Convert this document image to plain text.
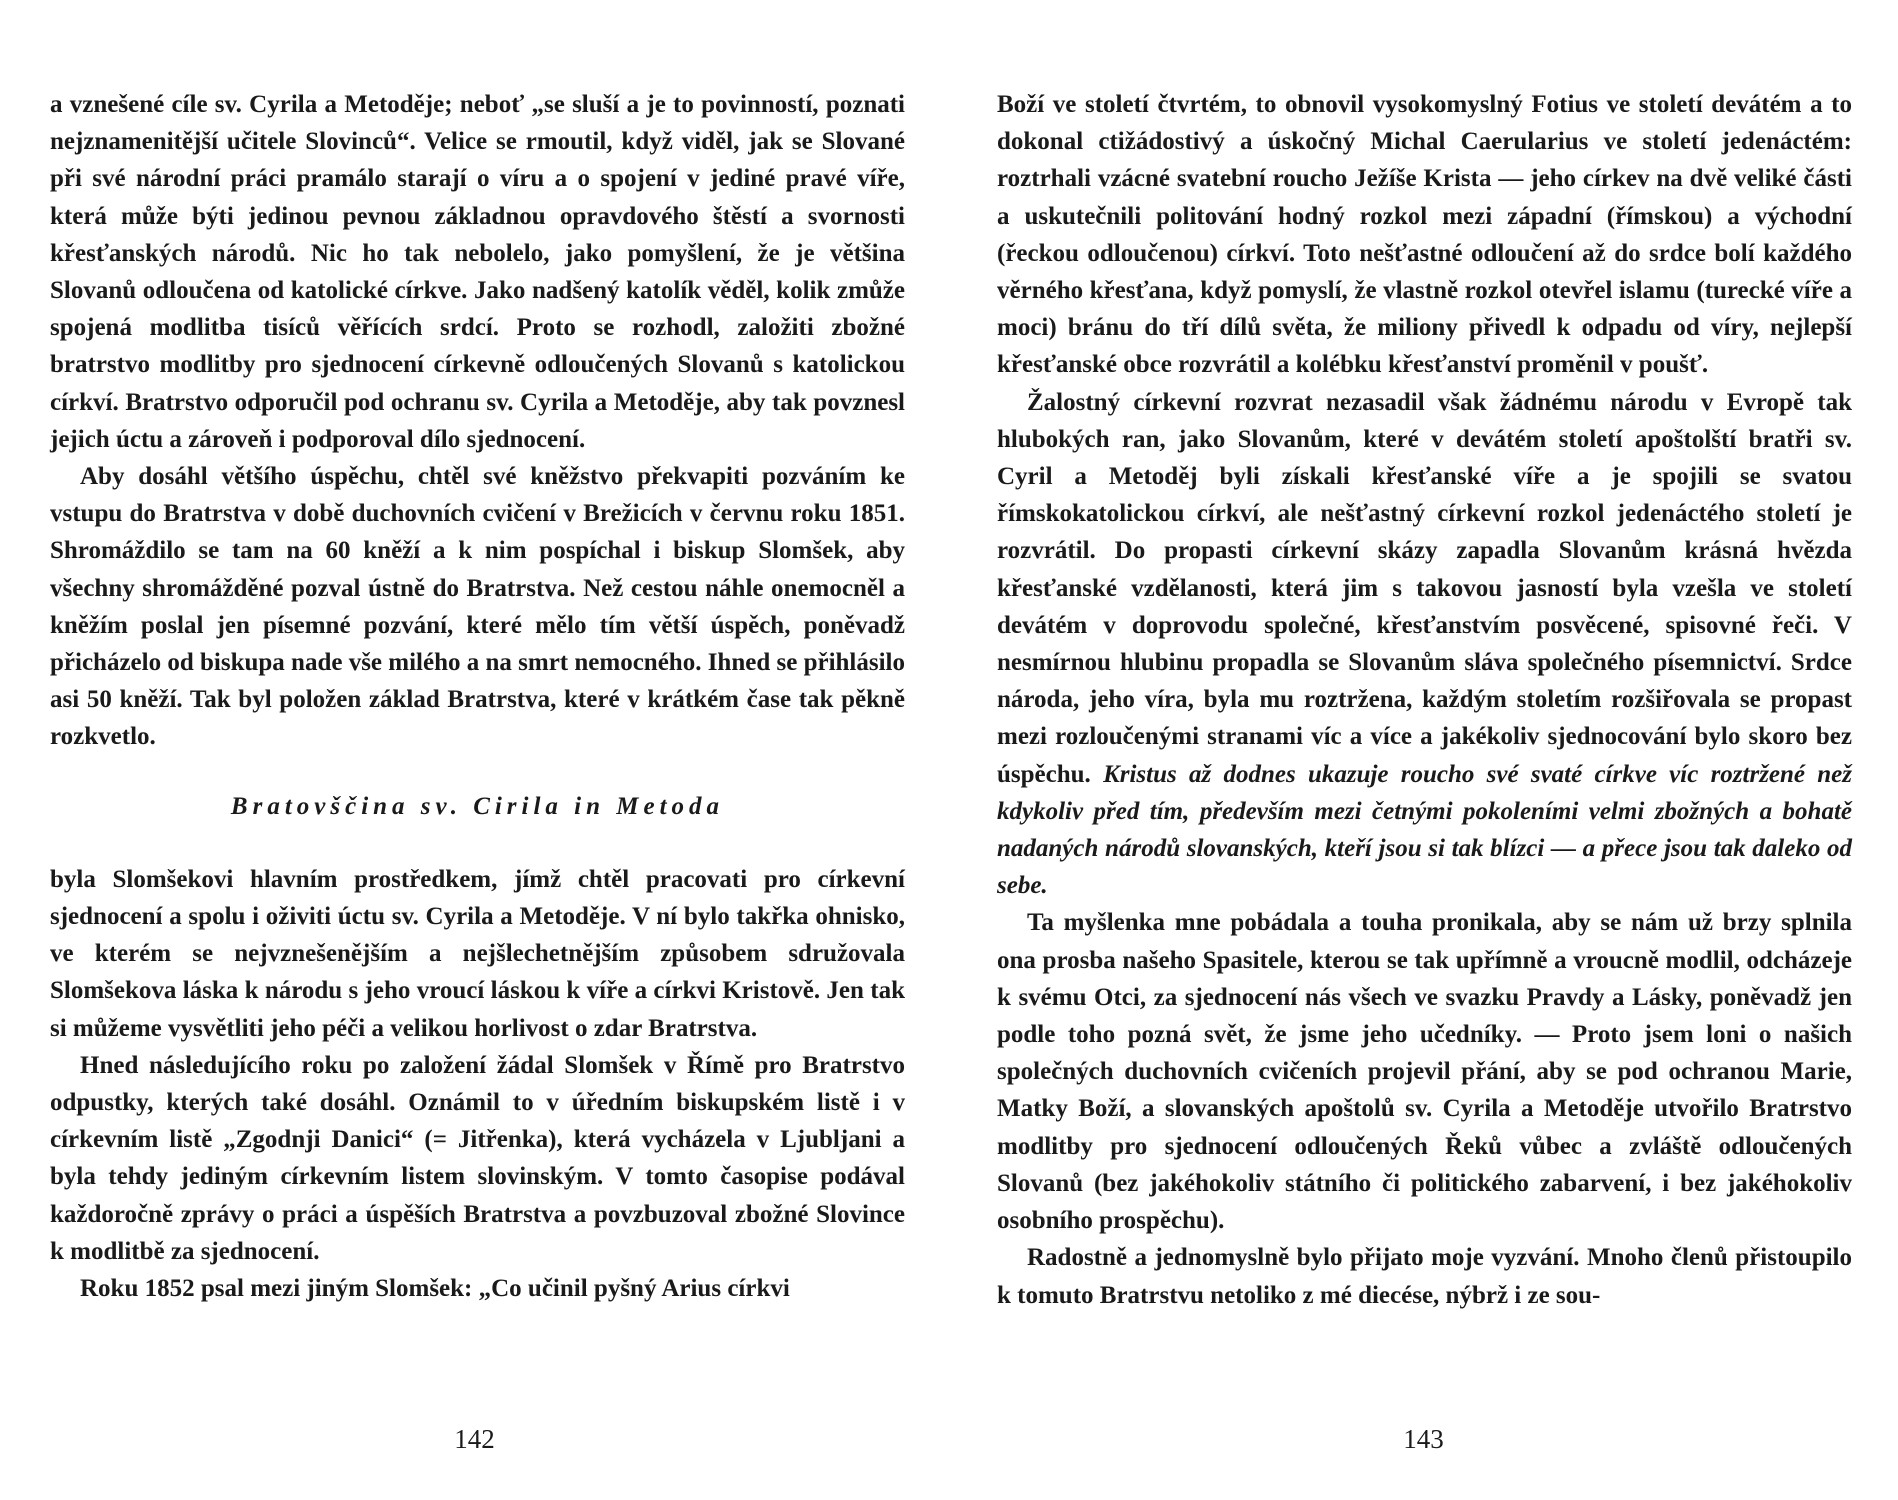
a vznešené cíle sv. Cyrila a Metoděje; neboť „se sluší a je to povinností, poznati nejznamenitější učitele Slovinců“. Velice se rmoutil, když viděl, jak se Slované při své národní práci pramálo starají o víru a o spojení v jediné pravé víře, která může býti jedinou pevnou základnou opravdového štěstí a svornosti křesťanských národů. Nic ho tak nebolelo, jako pomyšlení, že je většina Slovanů odloučena od katolické církve. Jako nadšený katolík věděl, kolik zmůže spojená modlitba tisíců věřících srdcí. Proto se rozhodl, založiti zbožné bratrstvo modlitby pro sjednocení církevně odloučených Slovanů s katolickou církví. Bratrstvo odporučil pod ochranu sv. Cyrila a Metoděje, aby tak povznesl jejich úctu a zároveň i podporoval dílo sjednocení.

Aby dosáhl většího úspěchu, chtěl své kněžstvo překvapiti pozváním ke vstupu do Bratrstva v době duchovních cvičení v Brežicích v červnu roku 1851. Shromáždilo se tam na 60 kněží a k nim pospíchal i biskup Slomšek, aby všechny shromážděné pozval ústně do Bratrstva. Než cestou náhle onemocněl a kněžím poslal jen písemné pozvání, které mělo tím větší úspěch, poněvadž přicházelo od biskupa nade vše milého a na smrt nemocného. Ihned se přihlásilo asi 50 kněží. Tak byl položen základ Bratrstva, které v krátkém čase tak pěkně rozkvetlo.

Bratovščina sv. Cirila in Metoda

byla Slomšekovi hlavním prostředkem, jímž chtěl pracovati pro církevní sjednocení a spolu i oživiti úctu sv. Cyrila a Metoděje. V ní bylo takřka ohnisko, ve kterém se nejvznešenějším a nejšlechetnějším způsobem sdružovala Slomšekova láska k národu s jeho vroucí láskou k víře a církvi Kristově. Jen tak si můžeme vysvětliti jeho péči a velikou horlivost o zdar Bratrstva.

Hned následujícího roku po založení žádal Slomšek v Římě pro Bratrstvo odpustky, kterých také dosáhl. Oznámil to v úředním biskupském listě i v církevním listě „Zgodnji Danici“ (= Jitřenka), která vycházela v Ljubljani a byla tehdy jediným církevním listem slovinským. V tomto časopise podával každoročně zprávy o práci a úspěších Bratrstva a povzbuzoval zbožné Slovince k modlitbě za sjednocení.

Roku 1852 psal mezi jiným Slomšek: „Co učinil pyšný Arius církvi

142

Boží ve století čtvrtém, to obnovil vysokomyslný Fotius ve století devátém a to dokonal ctižádostivý a úskočný Michal Caerularius ve století jedenáctém: roztrhali vzácné svatební roucho Ježíše Krista — jeho církev na dvě veliké části a uskutečnili politování hodný rozkol mezi západní (římskou) a východní (řeckou odloučenou) církví. Toto nešťastné odloučení až do srdce bolí každého věrného křesťana, když pomyslí, že vlastně rozkol otevřel islamu (turecké víře a moci) bránu do tří dílů světa, že miliony přivedl k odpadu od víry, nejlepší křesťanské obce rozvrátil a kolébku křesťanství proměnil v poušť.

Žalostný církevní rozvrat nezasadil však žádnému národu v Evropě tak hlubokých ran, jako Slovanům, které v devátém století apoštolští bratři sv. Cyril a Metoděj byli získali křesťanské víře a je spojili se svatou římskokatolickou církví, ale nešťastný církevní rozkol jedenáctého století je rozvrátil. Do propasti církevní skázy zapadla Slovanům krásná hvězda křesťanské vzdělanosti, která jim s takovou jasností byla vzešla ve století devátém v doprovodu společné, křesťanstvím posvěcené, spisovné řeči. V nesmírnou hlubinu propadla se Slovanům sláva společného písemnictví. Srdce národa, jeho víra, byla mu roztržena, každým stoletím rozšiřovala se propast mezi rozloučenými stranami víc a více a jakékoliv sjednocování bylo skoro bez úspěchu. Kristus až dodnes ukazuje roucho své svaté církve víc roztržené než kdykoliv před tím, především mezi četnými pokoleními velmi zbožných a bohatě nadaných národů slovanských, kteří jsou si tak blízci — a přece jsou tak daleko od sebe.

Ta myšlenka mne pobádala a touha pronikala, aby se nám už brzy splnila ona prosba našeho Spasitele, kterou se tak upřímně a vroucně modlil, odcházeje k svému Otci, za sjednocení nás všech ve svazku Pravdy a Lásky, poněvadž jen podle toho pozná svět, že jsme jeho učedníky. — Proto jsem loni o našich společných duchovních cvičeních projevil přání, aby se pod ochranou Marie, Matky Boží, a slovanských apoštolů sv. Cyrila a Metoděje utvořilo Bratrstvo modlitby pro sjednocení odloučených Řeků vůbec a zvláště odloučených Slovanů (bez jakéhokoliv státního či politického zabarvení, i bez jakéhokoliv osobního prospěchu).

Radostně a jednomyslně bylo přijato moje vyzvání. Mnoho členů přistoupilo k tomuto Bratrstvu netoliko z mé diecése, nýbrž i ze sou-

143
